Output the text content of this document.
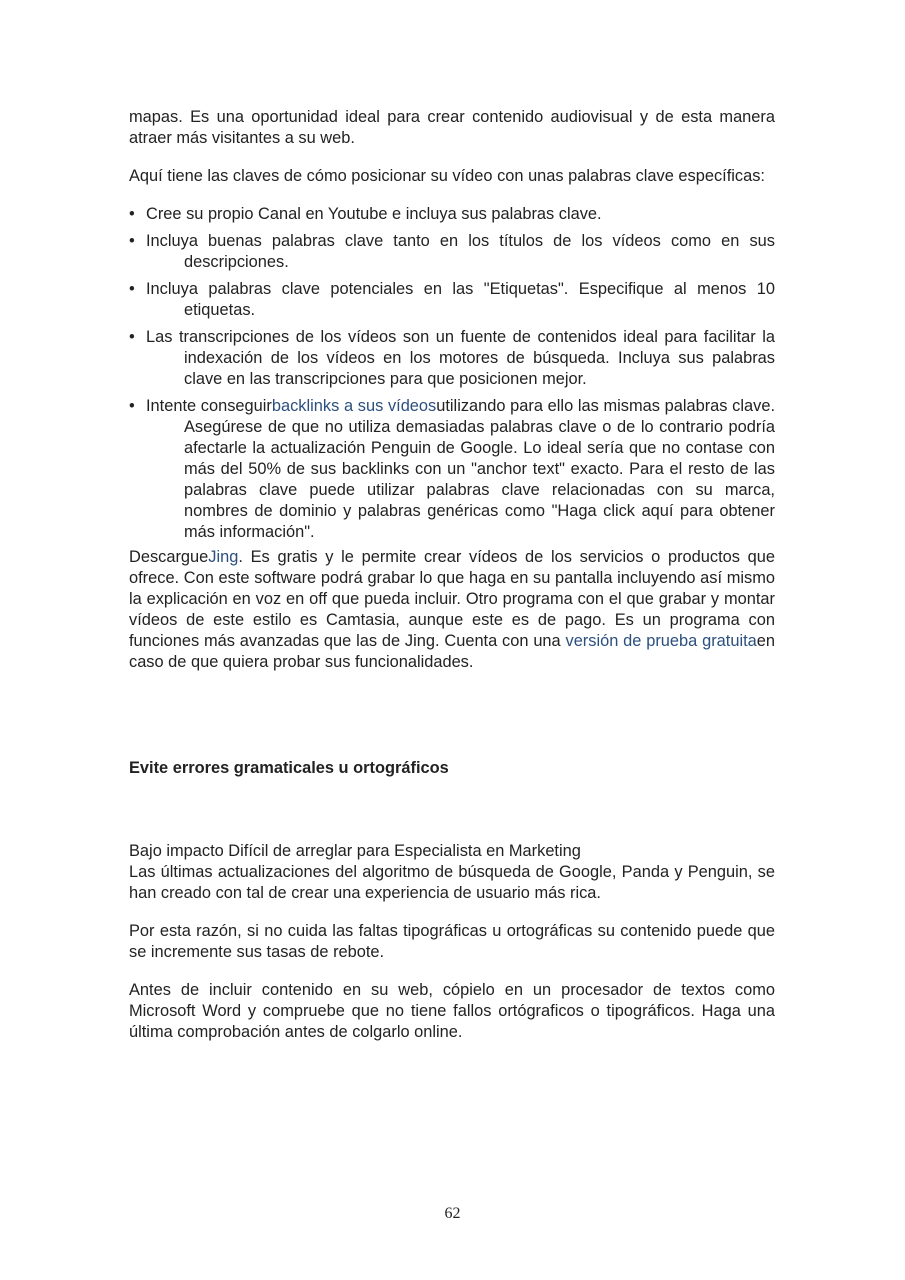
mapas. Es una oportunidad ideal para crear contenido audiovisual y de esta manera atraer más visitantes a su web.

Aquí tiene las claves de cómo posicionar su vídeo con unas palabras clave específicas:

• Cree su propio Canal en Youtube e incluya sus palabras clave.
• Incluya buenas palabras clave tanto en los títulos de los vídeos como en sus descripciones.
• Incluya palabras clave potenciales en las "Etiquetas". Especifique al menos 10 etiquetas.
• Las transcripciones de los vídeos son un fuente de contenidos ideal para facilitar la indexación de los vídeos en los motores de búsqueda. Incluya sus palabras clave en las transcripciones para que posicionen mejor.
• Intente conseguirbacklinks a sus vídeosutilizando para ello las mismas palabras clave. Asegúrese de que no utiliza demasiadas palabras clave o de lo contrario podría afectarle la actualización Penguin de Google. Lo ideal sería que no contase con más del 50% de sus backlinks con un "anchor text" exacto. Para el resto de las palabras clave puede utilizar palabras clave relacionadas con su marca, nombres de dominio y palabras genéricas como "Haga click aquí para obtener más información".

DescargueJing. Es gratis y le permite crear vídeos de los servicios o productos que ofrece. Con este software podrá grabar lo que haga en su pantalla incluyendo así mismo la explicación en voz en off que pueda incluir. Otro programa con el que grabar y montar vídeos de este estilo es Camtasia, aunque este es de pago. Es un programa con funciones más avanzadas que las de Jing. Cuenta con una versión de prueba gratuitaen caso de que quiera probar sus funcionalidades.

Evite errores gramaticales u ortográficos

Bajo impacto Difícil de arreglar para Especialista en Marketing

Las últimas actualizaciones del algoritmo de búsqueda de Google, Panda y Penguin, se han creado con tal de crear una experiencia de usuario más rica.

Por esta razón, si no cuida las faltas tipográficas u ortográficas su contenido puede que se incremente sus tasas de rebote.

Antes de incluir contenido en su web, cópielo en un procesador de textos como Microsoft Word y compruebe que no tiene fallos ortógraficos o tipográficos. Haga una última comprobación antes de colgarlo online.

62
